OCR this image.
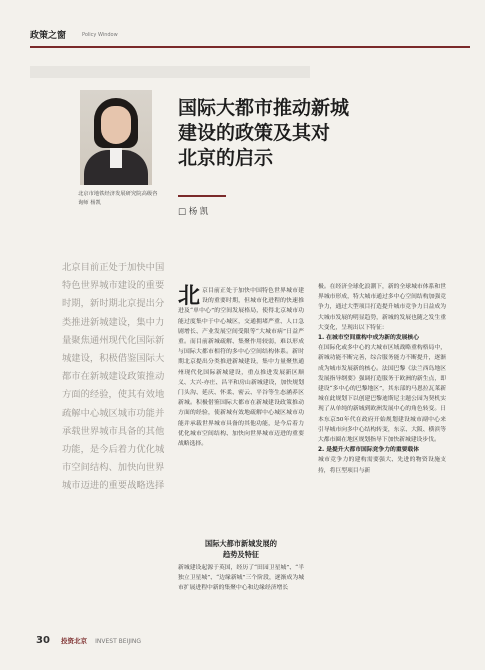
政策之窗	Policy Window
北京市地铁经济发展研究院高级咨询师 杨凯
国际大都市推动新城
建设的政策及其对
北京的启示
□ 杨 凯
北京目前正处于加快中国特色世界城市建设的重要时期，新时期北京提出分类推进新城建设，集中力量聚焦通州现代化国际新城建设，积极借鉴国际大都市在新城建设政策推动方面的经验，使其有效地疏解中心城区城市功能并承载世界城市具备的其他功能，是今后着力优化城市空间结构、加快向世界城市迈进的重要战略选择
北 京目前正处于加快中国特色世界城市建设的重要时期，但城市化进程的快速推进及“单中心”的空间发展格局，使得北京城市功能过度集中于中心城区，交通拥堵严重、人口急剧增长、产业发展空间受限等“大城市病”日益严重。而目前新城疏解、集聚作用较弱，难以形成与国际大都市相符的多中心空间结构体系。新时期北京提出分类推进新城建设，集中力量聚焦通州现代化国际新城建设，重点推进发展新区顺义、大兴-亦庄、昌平和房山新城建设，加快规划门头沟、延庆、怀柔、密云、平谷等生态涵养区新城。积极借鉴国际大都市在新城建设政策推动方面的经验，使新城有效地疏解中心城区城市功能并承载世界城市具备的其他功能，是今后着力优化城市空间结构、加快向世界城市迈进的重要战略选择。

国际大都市新城发展的
趋势及特征

新城建设起源于英国，经历了“田园卫星城”、“半独立卫星城”、“边缘新城”三个阶段，逐渐成为城市扩展进程中新的集聚中心和边缘经济增长

极。在经济全球化浪潮下，新的全球城市体系和世界城市形成，特大城市通过多中心空间结构加强竞争力，通过大型项目打造提升城市竞争力日益成为大城市发展的明显趋势，新城的发展也随之发生重大变化，呈现出以下特征：

1. 在城市空间重构中成为新的发展核心

在国际化或多中心的大城市区域战略重构格局中，新城功能不断完善，综合服务能力不断提升，逐渐成为城市发展新的核心。法国巴黎《法兰西岛地区发展指导纲要》强调打造服务于欧洲的新生点，即建设“多中心的巴黎地区”，其东部的马恩拉瓦莱新城在此规划下以创建巴黎迪斯尼主题公园为契机实现了从单纯的新城到欧洲发展中心的角色转变。日本东京50年代在政府开始规划建设城市副中心来引导城市向多中心结构转变，东京、大阪、横滨等大都市圈在地区规划指导下加快新城建设步伐。

2. 是提升大都市国际竞争力的重要载体

城市竞争力的建构需要强大、先进的物资设施支持，将巨型项目与新

30 投资北京 INVEST BEIJING
